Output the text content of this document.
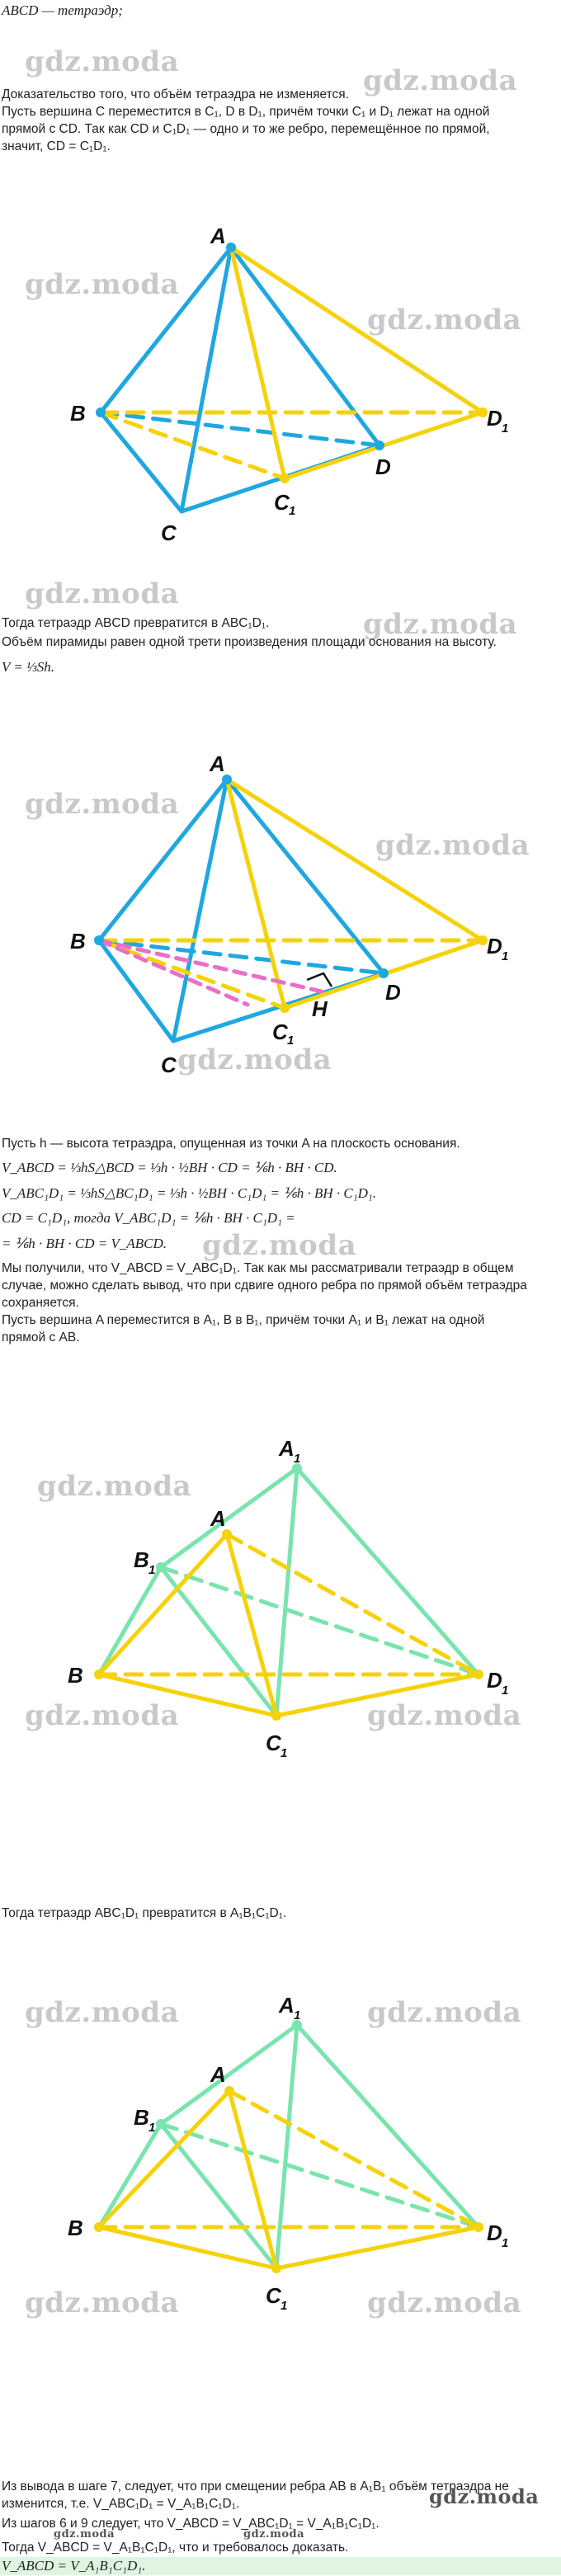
ABCD — тетраэдр;
Доказательство того, что объём тетраэдра не изменяется.
Пусть вершина C переместится в C₁, D в D₁, причём точки C₁ и D₁ лежат на одной
прямой с CD. Так как CD и C₁D₁ — одно и то же ребро, перемещённое по прямой,
значит, CD = C₁D₁.
gdz.moda
gdz.moda
A
B
C
D
C 1
D 1
gdz.moda
gdz.moda
gdz.moda
Тогда тетраэдр ABCD превратится в ABC₁D₁.	gdz.moda
Объём пирамиды равен одной трети произведения площади основания на высоту.
V = ⅓Sh.
A
B
C
D
C 1
H
D 1
gdz.moda
gdz.moda
gdz.moda
Пусть h — высота тетраэдра, опущенная из точки A на плоскость основания.
V_ABCD = ⅓hS△BCD = ⅓h · ½BH · CD = ⅙h · BH · CD.
V_ABC₁D₁ = ⅓hS△BC₁D₁ = ⅓h · ½BH · C₁D₁ = ⅙h · BH · C₁D₁.
CD = C₁D₁, тогда V_ABC₁D₁ = ⅙h · BH · C₁D₁ =
= ⅙h · BH · CD = V_ABCD.	gdz.moda
Мы получили, что V_ABCD = V_ABC₁D₁. Так как мы рассматривали тетраэдр в общем
случае, можно сделать вывод, что при сдвиге одного ребра по прямой объём тетраэдра
сохраняется.
Пусть вершина A переместится в A₁, B в B₁, причём точки A₁ и B₁ лежат на одной
прямой с AB.
A 1
A
B 1
B
C 1
D 1
gdz.moda
gdz.moda	gdz.moda
Тогда тетраэдр ABC₁D₁ превратится в A₁B₁C₁D₁.
A 1
A
B 1
B
C 1
D 1
gdz.moda	gdz.moda
gdz.moda	gdz.moda
Из вывода в шаге 7, следует, что при смещении ребра AB в A₁B₁ объём тетраэдра не
изменится, т.е. V_ABC₁D₁ = V_A₁B₁C₁D₁.
Из шагов 6 и 9 следует, что V_ABCD = V_ABC₁D₁ = V_A₁B₁C₁D₁.
gdz.moda	gdz.moda
gdz.moda
Тогда V_ABCD = V_A₁B₁C₁D₁, что и требовалось доказать.
V_ABCD = V_A₁B₁C₁D₁.
